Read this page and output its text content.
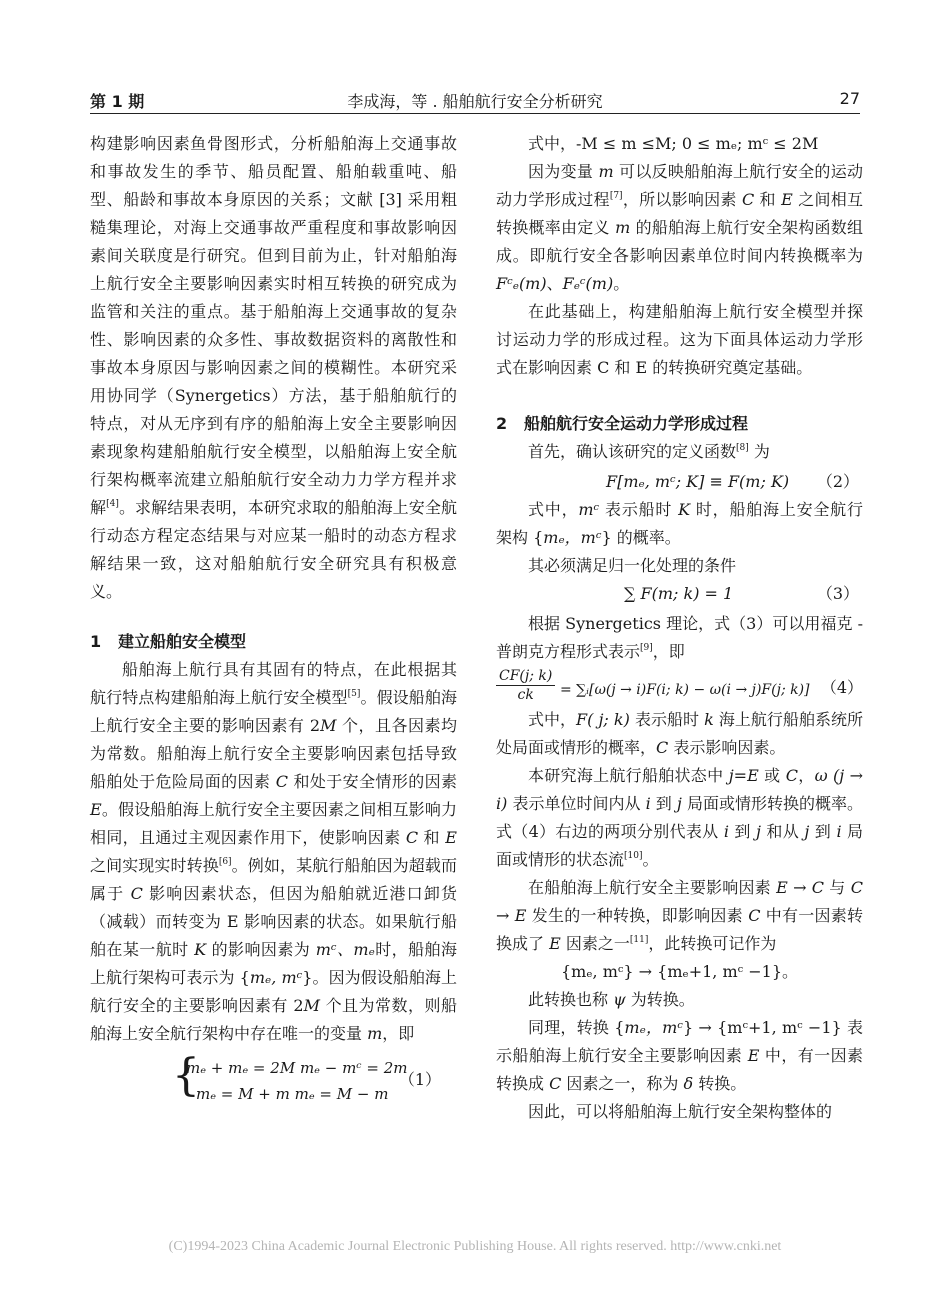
第 1 期	李成海，等 . 船舶航行安全分析研究	27

构建影响因素鱼骨图形式，分析船舶海上交通事故和事故发生的季节、船员配置、船舶载重吨、船型、船龄和事故本身原因的关系；文献 [3] 采用粗糙集理论，对海上交通事故严重程度和事故影响因素间关联度是行研究。但到目前为止，针对船舶海上航行安全主要影响因素实时相互转换的研究成为监管和关注的重点。基于船舶海上交通事故的复杂性、影响因素的众多性、事故数据资料的离散性和事故本身原因与影响因素之间的模糊性。本研究采用协同学（Synergetics）方法，基于船舶航行的特点，对从无序到有序的船舶海上安全主要影响因素现象构建船舶航行安全模型，以船舶海上安全航行架构概率流建立船舶航行安全动力力学方程并求解[4]。求解结果表明，本研究求取的船舶海上安全航行动态方程定态结果与对应某一船时的动态方程求解结果一致，这对船舶航行安全研究具有积极意义。

1 建立船舶安全模型

船舶海上航行具有其固有的特点，在此根据其航行特点构建船舶海上航行安全模型[5]。假设船舶海上航行安全主要的影响因素有 2M 个，且各因素均为常数。船舶海上航行安全主要影响因素包括导致船舶处于危险局面的因素 C 和处于安全情形的因素 E。假设船舶海上航行安全主要因素之间相互影响力相同，且通过主观因素作用下，使影响因素 C 和 E 之间实现实时转换[6]。例如，某航行船舶因为超载而属于 C 影响因素状态，但因为船舶就近港口卸货（减载）而转变为 E 影响因素的状态。如果航行船舶在某一航时 K 的影响因素为 mᶜ、mₑ时，船舶海上航行架构可表示为 {mₑ, mᶜ}。因为假设船舶海上航行安全的主要影响因素有 2M 个且为常数，则船舶海上安全航行架构中存在唯一的变量 m，即

{
mₑ + mₑ = 2M mₑ − mᶜ = 2m
mₑ = M + m mₑ = M − m
（1）

式中，-M ≤ m ≤M; 0 ≤ mₑ; mᶜ ≤ 2M

因为变量 m 可以反映船舶海上航行安全的运动动力学形成过程[7]，所以影响因素 C 和 E 之间相互转换概率由定义 m 的船舶海上航行安全架构函数组成。即航行安全各影响因素单位时间内转换概率为 Fᶜₑ(m)、Fₑᶜ(m)。

在此基础上，构建船舶海上航行安全模型并探讨运动力学的形成过程。这为下面具体运动力学形式在影响因素 C 和 E 的转换研究奠定基础。

2 船舶航行安全运动力学形成过程

首先，确认该研究的定义函数[8] 为

F[mₑ, mᶜ; K] ≡ F(m; K) （2）

式中，mᶜ 表示船时 K 时，船舶海上安全航行架构 {mₑ，mᶜ} 的概率。

其必须满足归一化处理的条件

∑ F(m; k) = 1	（3）

根据 Synergetics 理论，式（3）可以用福克 - 普朗克方程形式表示[9]，即

$\frac{CF(j; k)}{ck}$ = ∑ᵢ[ω(j → i)F(i; k) − ω(i → j)F(j; k)] （4）

式中，F( j; k) 表示船时 k 海上航行船舶系统所处局面或情形的概率，C 表示影响因素。

本研究海上航行船舶状态中 j=E 或 C，ω (j → i) 表示单位时间内从 i 到 j 局面或情形转换的概率。式（4）右边的两项分别代表从 i 到 j 和从 j 到 i 局面或情形的状态流[10]。

在船舶海上航行安全主要影响因素 E → C 与 C → E 发生的一种转换，即影响因素 C 中有一因素转换成了 E 因素之一[11]，此转换可记作为

{mₑ, mᶜ} → {mₑ+1, mᶜ −1}。

此转换也称 ψ 为转换。

同理，转换 {mₑ，mᶜ} → {mᶜ+1, mᶜ −1} 表示船舶海上航行安全主要影响因素 E 中，有一因素转换成 C 因素之一，称为 δ 转换。

因此，可以将船舶海上航行安全架构整体的

(C)1994-2023 China Academic Journal Electronic Publishing House. All rights reserved. http://www.cnki.net
